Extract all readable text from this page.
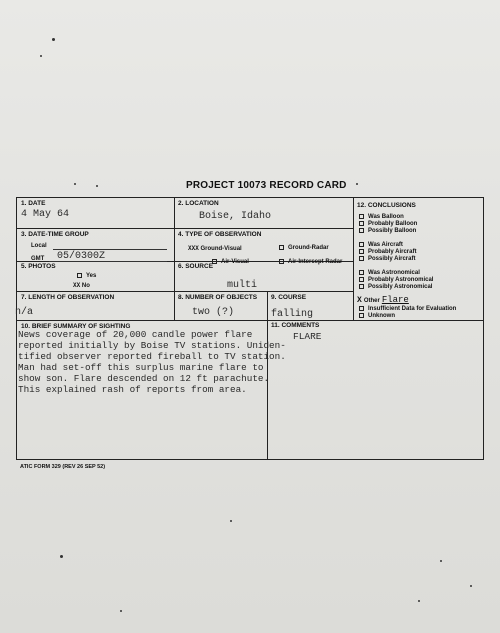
PROJECT 10073 RECORD CARD
1. DATE
4 May 64
2. LOCATION
Boise, Idaho
3. DATE-TIME GROUP
Local
GMT 05/0300Z
4. TYPE OF OBSERVATION
XXX Ground-Visual	Ground-Radar
Air-Visual	Air-Intercept Radar
5. PHOTOS
Yes
XX No
6. SOURCE
multi
7. LENGTH OF OBSERVATION
n/a
8. NUMBER OF OBJECTS
two (?)
9. COURSE
falling
10. BRIEF SUMMARY OF SIGHTING
News coverage of 20,000 candle power flare
reported initially by Boise TV stations. Uniden-
tified observer reported fireball to TV station.
Man had set-off this surplus marine flare to
show son. Flare descended on 12 ft parachute.
This explained rash of reports from area.
11. COMMENTS
FLARE
12. CONCLUSIONS
Was Balloon
Probably Balloon
Possibly Balloon
Was Aircraft
Probably Aircraft
Possibly Aircraft
Was Astronomical
Probably Astronomical
Possibly Astronomical
X Other Flare
Insufficient Data for Evaluation
Unknown
ATIC FORM 329 (REV 26 SEP 52)
